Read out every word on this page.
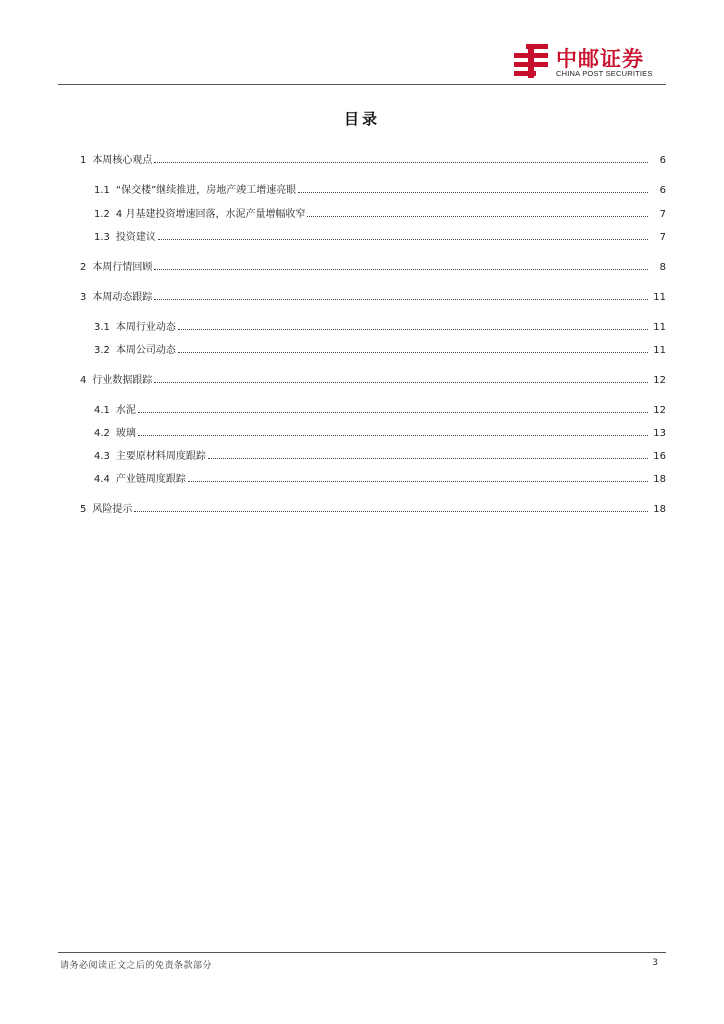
中邮证券
CHINA POST SECURITIES
目录
1 本周核心观点	6
1.1 “保交楼”继续推进，房地产竣工增速亮眼	6
1.2 4 月基建投资增速回落，水泥产量增幅收窄	7
1.3 投资建议	7
2 本周行情回顾	8
3 本周动态跟踪	11
3.1 本周行业动态	11
3.2 本周公司动态	11
4 行业数据跟踪	12
4.1 水泥	12
4.2 玻璃	13
4.3 主要原材料周度跟踪	16
4.4 产业链周度跟踪	18
5 风险提示	18
请务必阅读正文之后的免责条款部分	3
